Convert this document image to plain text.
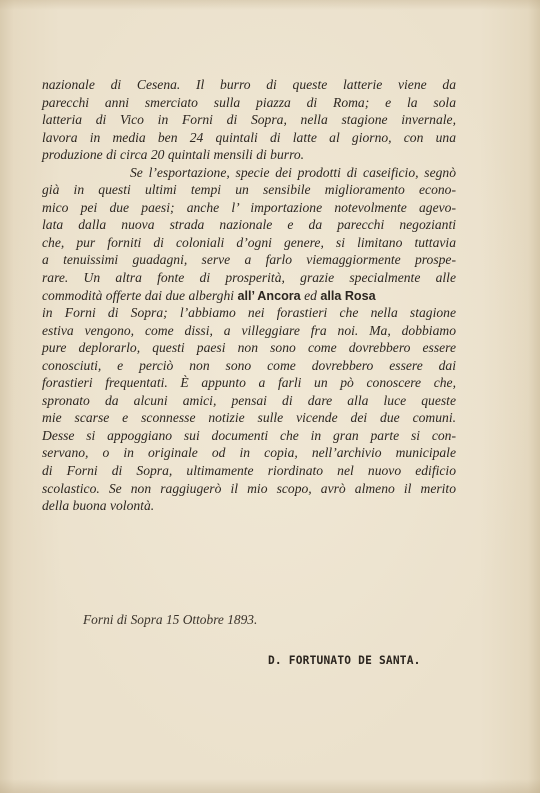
nazionale di Cesena. Il burro di queste latterie viene da
parecchi anni smerciato sulla piazza di Roma; e la sola
latteria di Vico in Forni di Sopra, nella stagione invernale,
lavora in media ben 24 quintali di latte al giorno, con una
produzione di circa 20 quintali mensili di burro.
Se l’esportazione, specie dei prodotti di caseificio, segnò
già in questi ultimi tempi un sensibile miglioramento econo-
mico pei due paesi; anche l’ importazione notevolmente agevo-
lata dalla nuova strada nazionale e da parecchi negozianti
che, pur forniti di coloniali d’ogni genere, si limitano tuttavia
a tenuissimi guadagni, serve a farlo viemaggiormente prospe-
rare. Un altra fonte di prosperità, grazie specialmente alle
commodità offerte dai due alberghi all’ Ancora ed alla Rosa
in Forni di Sopra; l’abbiamo nei forastieri che nella stagione
estiva vengono, come dissi, a villeggiare fra noi. Ma, dobbiamo
pure deplorarlo, questi paesi non sono come dovrebbero essere
conosciuti, e perciò non sono come dovrebbero essere dai
forastieri frequentati. È appunto a farli un pò conoscere che,
spronato da alcuni amici, pensai di dare alla luce queste
mie scarse e sconnesse notizie sulle vicende dei due comuni.
Desse si appoggiano sui documenti che in gran parte si con-
servano, o in originale od in copia, nell’archivio municipale
di Forni di Sopra, ultimamente riordinato nel nuovo edificio
scolastico. Se non raggiugerò il mio scopo, avrò almeno il merito
della buona volontà.
Forni di Sopra 15 Ottobre 1893.
D. FORTUNATO DE SANTA.
